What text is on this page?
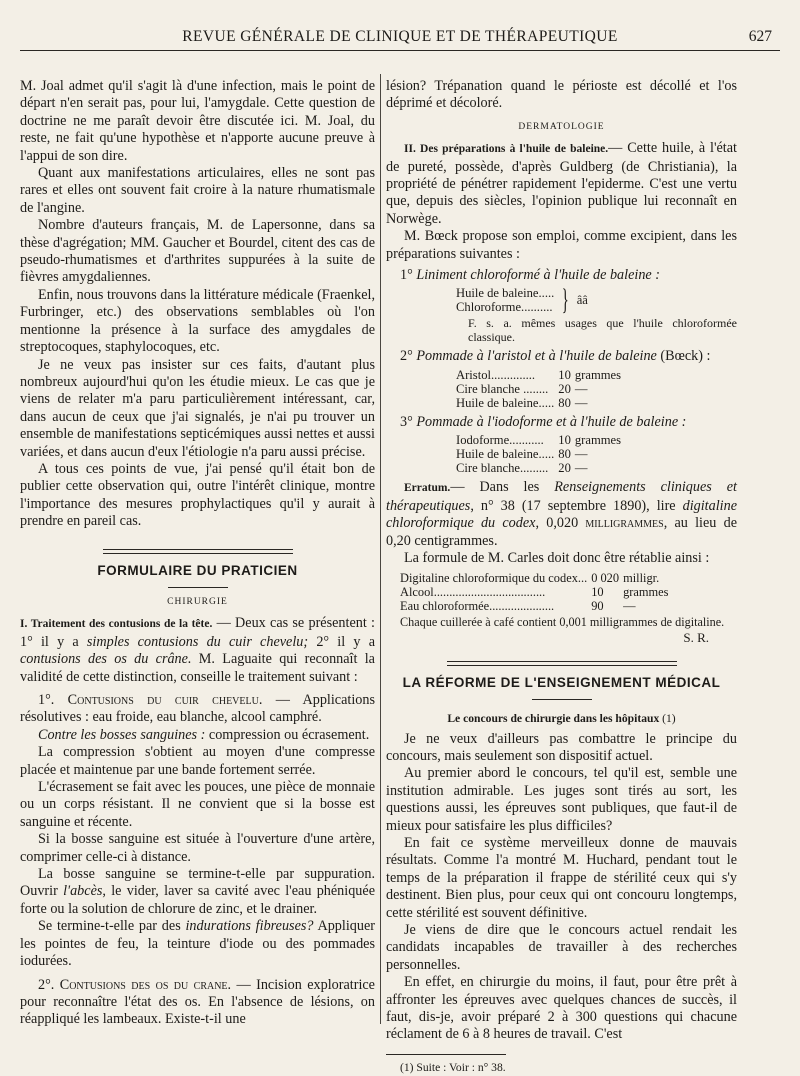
REVUE GÉNÉRALE DE CLINIQUE ET DE THÉRAPEUTIQUE	627

M. Joal admet qu'il s'agit là d'une infection, mais le point de départ n'en serait pas, pour lui, l'amygdale. Cette question de doctrine ne me paraît devoir être discutée ici. M. Joal, du reste, ne fait qu'une hypothèse et n'apporte aucune preuve à l'appui de son dire.

Quant aux manifestations articulaires, elles ne sont pas rares et elles ont souvent fait croire à la nature rhumatismale de l'angine.

Nombre d'auteurs français, M. de Lapersonne, dans sa thèse d'agrégation; MM. Gaucher et Bourdel, citent des cas de pseudo-rhumatismes et d'arthrites suppurées à la suite de fièvres amygdaliennes.

Enfin, nous trouvons dans la littérature médicale (Fraenkel, Furbringer, etc.) des observations semblables où l'on mentionne la présence à la surface des amygdales de streptocoques, staphylocoques, etc.

Je ne veux pas insister sur ces faits, d'autant plus nombreux aujourd'hui qu'on les étudie mieux. Le cas que je viens de relater m'a paru particulièrement intéressant, car, dans aucun de ceux que j'ai signalés, je n'ai pu trouver un ensemble de manifestations septicémiques aussi nettes et aussi variées, et dans aucun d'eux l'étiologie n'a paru aussi précise.

A tous ces points de vue, j'ai pensé qu'il était bon de publier cette observation qui, outre l'intérêt clinique, montre l'importance des mesures prophylactiques qu'il y aurait à prendre en pareil cas.

FORMULAIRE DU PRATICIEN

CHIRURGIE

I. Traitement des contusions de la tête. — Deux cas se présentent : 1° il y a simples contusions du cuir chevelu; 2° il y a contusions des os du crâne. M. Laguaite qui reconnaît la validité de cette distinction, conseille le traitement suivant :

1°. Contusions du cuir chevelu. — Applications résolutives : eau froide, eau blanche, alcool camphré.

Contre les bosses sanguines : compression ou écrasement.

La compression s'obtient au moyen d'une compresse placée et maintenue par une bande fortement serrée.

L'écrasement se fait avec les pouces, une pièce de monnaie ou un corps résistant. Il ne convient que si la bosse est sanguine et récente.

Si la bosse sanguine est située à l'ouverture d'une artère, comprimer celle-ci à distance.

La bosse sanguine se termine-t-elle par suppuration. Ouvrir l'abcès, le vider, laver sa cavité avec l'eau phéniquée forte ou la solution de chlorure de zinc, et le drainer.

Se termine-t-elle par des indurations fibreuses? Appliquer les pointes de feu, la teinture d'iode ou des pommades iodurées.

2°. Contusions des os du crane. — Incision exploratrice pour reconnaître l'état des os. En l'absence de lésions, on réappliqué les lambeaux. Existe-t-il une

lésion? Trépanation quand le périoste est décollé et l'os déprimé et décoloré.

DERMATOLOGIE

II. Des préparations à l'huile de baleine.— Cette huile, à l'état de pureté, possède, d'après Guldberg (de Christiania), la propriété de pénétrer rapidement l'epiderme. C'est une vertu que, depuis des siècles, l'opinion publique lui reconnaît en Norwège.

M. Bœck propose son emploi, comme excipient, dans les préparations suivantes :

1° Liniment chloroformé à l'huile de baleine :

Huile de baleine.....
Chloroforme.......... } ââ

F. s. a. mêmes usages que l'huile chloroformée classique.

2° Pommade à l'aristol et à l'huile de baleine (Bœck) :

Aristol..............	10	grammes
Cire blanche ........	20	—
Huile de baleine.....	80	—

3° Pommade à l'iodoforme et à l'huile de baleine :

Iodoforme...........	10	grammes
Huile de baleine.....	80	—
Cire blanche.........	20	—

Erratum.— Dans les Renseignements cliniques et thérapeutiques, n° 38 (17 septembre 1890), lire digitaline chloroformique du codex, 0,020 milligrammes, au lieu de 0,20 centigrammes.

La formule de M. Carles doit donc être rétablie ainsi :

Digitaline chloroformique du codex...	0 020	milligr.
Alcool....................................	10	grammes
Eau chloroformée.....................	90	—

Chaque cuillerée à café contient 0,001 milligrammes de digitaline.

S. R.

LA RÉFORME DE L'ENSEIGNEMENT MÉDICAL

Le concours de chirurgie dans les hôpitaux (1)

Je ne veux d'ailleurs pas combattre le principe du concours, mais seulement son dispositif actuel.

Au premier abord le concours, tel qu'il est, semble une institution admirable. Les juges sont tirés au sort, les questions aussi, les épreuves sont publiques, que faut-il de mieux pour satisfaire les plus difficiles?

En fait ce système merveilleux donne de mauvais résultats. Comme l'a montré M. Huchard, pendant tout le temps de la préparation il frappe de stérilité ceux qui s'y destinent. Bien plus, pour ceux qui ont concouru longtemps, cette stérilité est souvent définitive.

Je viens de dire que le concours actuel rendait les candidats incapables de travailler à des recherches personnelles.

En effet, en chirurgie du moins, il faut, pour être prêt à affronter les épreuves avec quelques chances de succès, il faut, dis-je, avoir préparé 2 à 300 questions qui chacune réclament de 6 à 8 heures de travail. C'est

(1) Suite : Voir : n° 38.
